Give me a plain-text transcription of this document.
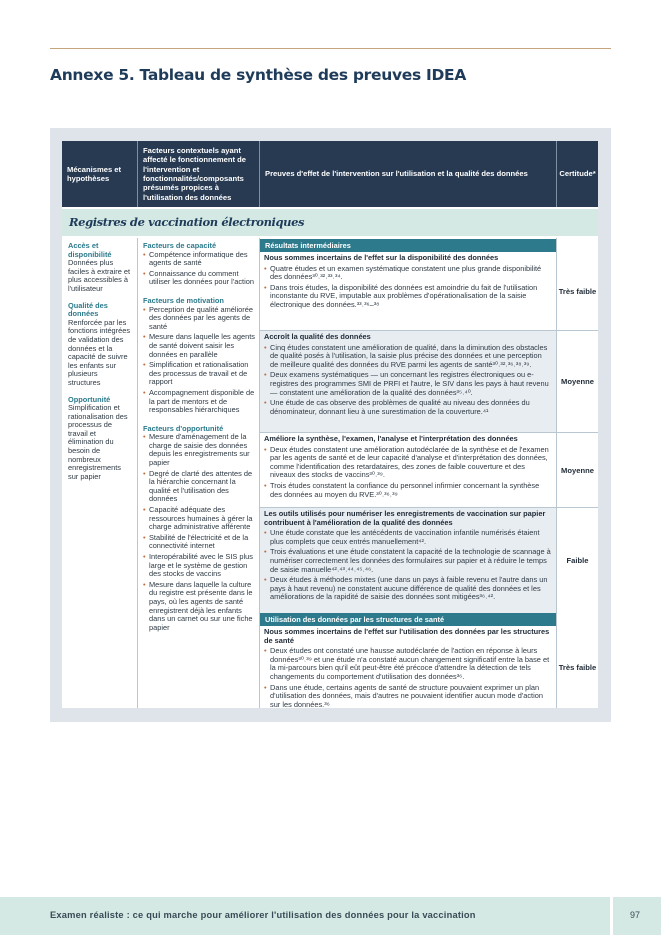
Annexe 5. Tableau de synthèse des preuves IDEA
Mécanismes et hypothèses
Facteurs contextuels ayant affecté le fonctionnement de l'intervention et fonctionnalités/composants présumés propices à l'utilisation des données
Preuves d'effet de l'intervention sur l'utilisation et la qualité des données	Certitude*
Registres de vaccination électroniques
Accès et disponibilité
Données plus faciles à extraire et plus accessibles à l'utilisateur
Qualité des données
Renforcée par les fonctions intégrées de validation des données et la capacité de suivre les enfants sur plusieurs structures
Opportunité
Simplification et rationalisation des processus de travail et élimination du besoin de nombreux enregistrements sur papier
Facteurs de capacité
• Compétence informatique des agents de santé
• Connaissance du comment utiliser les données pour l'action
Facteurs de motivation
• Perception de qualité améliorée des données par les agents de santé
• Mesure dans laquelle les agents de santé doivent saisir les données en parallèle
• Simplification et rationalisation des processus de travail et de rapport
• Accompagnement disponible de la part de mentors et de responsables hiérarchiques
Facteurs d'opportunité
• Mesure d'aménagement de la charge de saisie des données depuis les enregistrements sur papier
• Degré de clarté des attentes de la hiérarchie concernant la qualité et l'utilisation des données
• Capacité adéquate des ressources humaines à gérer la charge administrative afférente
• Stabilité de l'électricité et de la connectivité internet
• Interopérabilité avec le SIS plus large et le système de gestion des stocks de vaccins
• Mesure dans laquelle la culture du registre est présente dans le pays, où les agents de santé enregistrent déjà les enfants dans un carnet ou sur une fiche papier
Résultats intermédiaires
Nous sommes incertains de l'effet sur la disponibilité des données
• Quatre études et un examen systématique constatent une plus grande disponibilité des données³⁰˒³²˒³³˒³⁴.
• Dans trois études, la disponibilité des données est amoindrie du fait de l'utilisation inconstante du RVE, imputable aux problèmes d'opérationalisation de la saisie électronique des données.³³˒³⁶–³⁸
Très faible
Accroît la qualité des données
• Cinq études constatent une amélioration de qualité, dans la diminution des obstacles de qualité posés à l'utilisation, la saisie plus précise des données et une perception de meilleure qualité des données du RVE parmi les agents de santé³⁰˒³²˒³⁶˒³⁸˒³⁹.
• Deux examens systématiques — un concernant les registres électroniques ou e-registres des programmes SMI de PRFI et l'autre, le SIV dans les pays à haut revenu — constatent une amélioration de la qualité des données³⁵˒⁴⁰.
• Une étude de cas observe des problèmes de qualité au niveau des données du dénominateur, donnant lieu à une surestimation de la couverture.⁴¹
Moyenne
Améliore la synthèse, l'examen, l'analyse et l'interprétation des données
• Deux études constatent une amélioration autodéclarée de la synthèse et de l'examen par les agents de santé et de leur capacité d'analyse et d'interprétation des données, comme l'identification des retardataires, des zones de faible couverture et des niveaux des stocks de vaccins³⁰˒³⁹.
• Trois études constatent la confiance du personnel infirmier concernant la synthèse des données au moyen du RVE.³⁰˒³⁶˒³⁹
Moyenne
Les outils utilisés pour numériser les enregistrements de vaccination sur papier contribuent à l'amélioration de la qualité des données
• Une étude constate que les antécédents de vaccination infantile numérisés étaient plus complets que ceux entrés manuellement⁴².
• Trois évaluations et une étude constatent la capacité de la technologie de scannage à numériser correctement les données des formulaires sur papier et à réduire le temps de saisie manuelle⁴²˒⁴³˒⁴⁴˒⁴⁵˒⁴⁶.
• Deux études à méthodes mixtes (une dans un pays à faible revenu et l'autre dans un pays à haut revenu) ne constatent aucune différence de qualité des données et les améliorations de la rapidité de saisie des données sont mitigées³⁶˒⁴².
Faible
Utilisation des données par les structures de santé
Nous sommes incertains de l'effet sur l'utilisation des données par les structures de santé
• Deux études ont constaté une hausse autodéclarée de l'action en réponse à leurs données³⁰˒³⁹ et une étude n'a constaté aucun changement significatif entre la base et la mi-parcours bien qu'il eût peut-être été précoce d'attendre la détection de tels changements du comportement d'utilisation des données³⁶.
• Dans une étude, certains agents de santé de structure pouvaient exprimer un plan d'utilisation des données, mais d'autres ne pouvaient identifier aucun mode d'action sur les données.³⁶
Très faible
Examen réaliste : ce qui marche pour améliorer l'utilisation des données pour la vaccination	97
